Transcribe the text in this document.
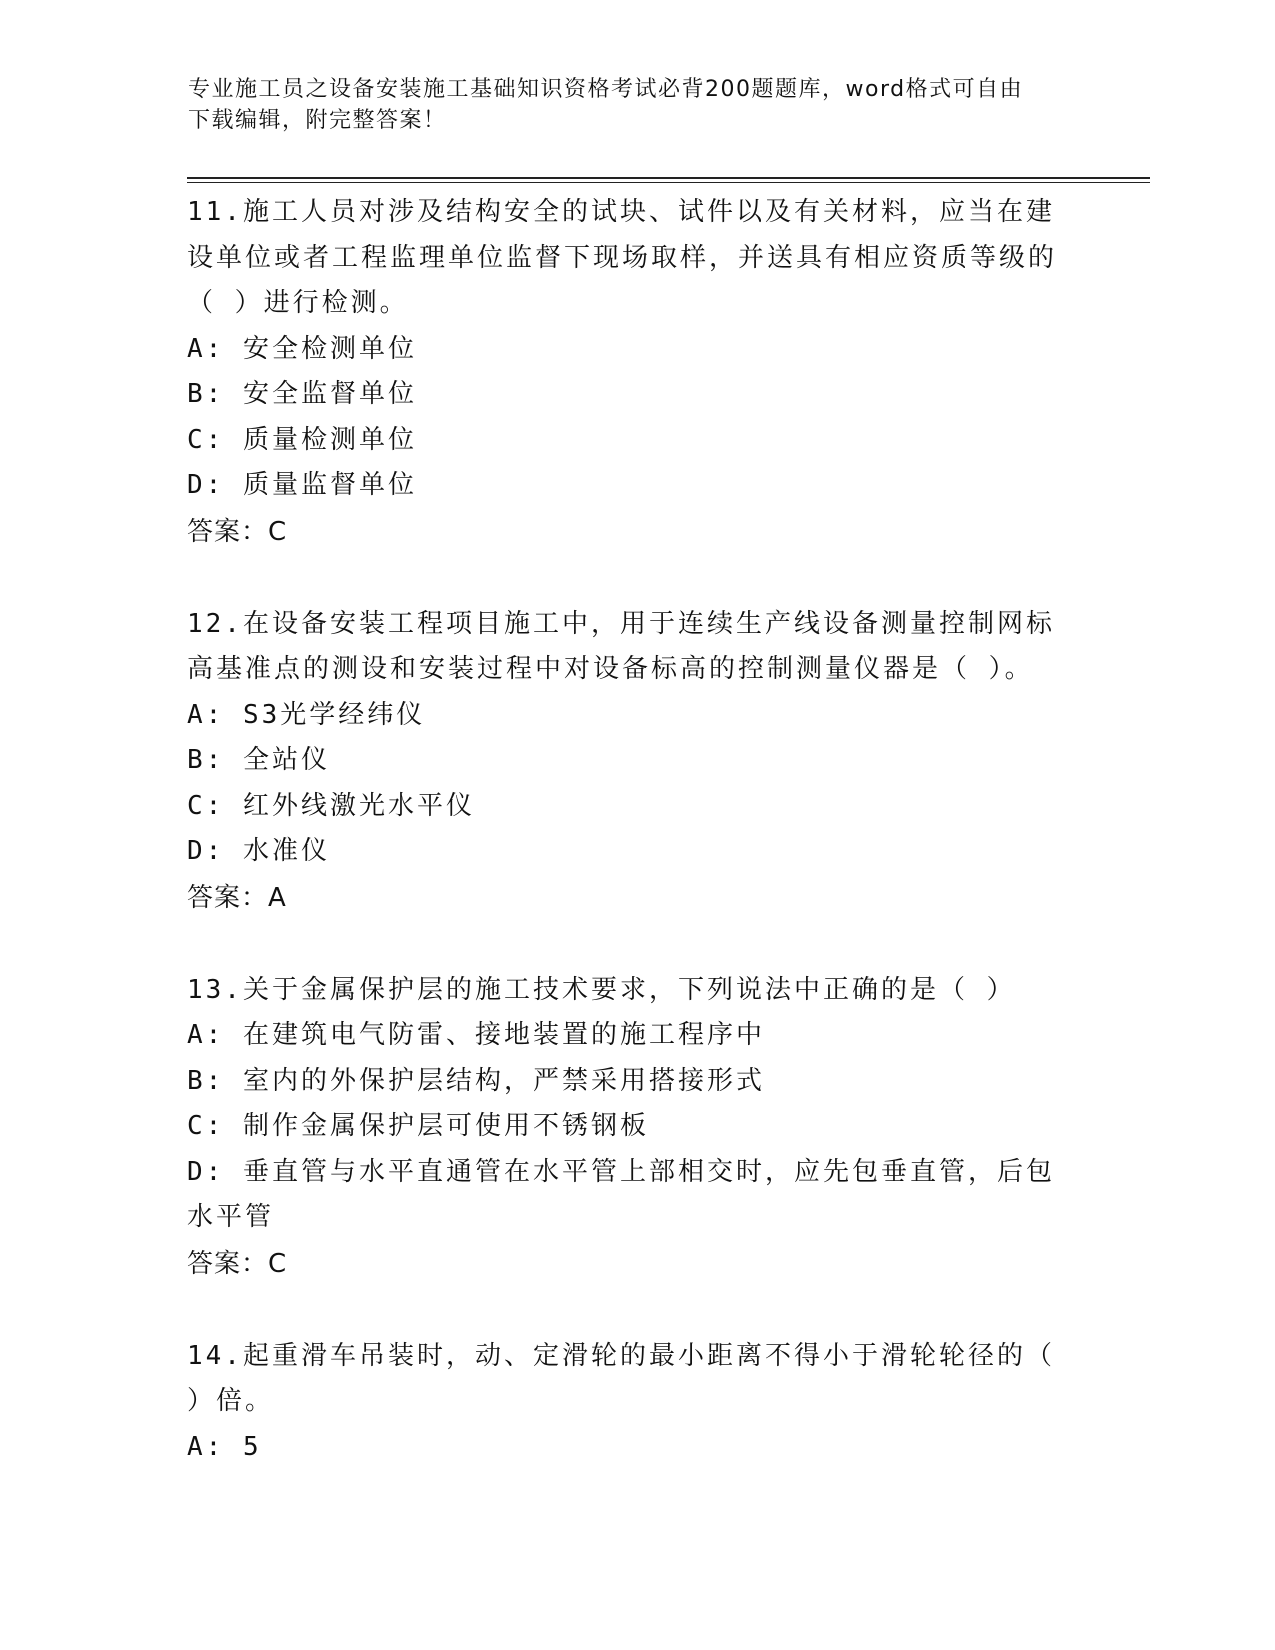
专业施工员之设备安装施工基础知识资格考试必背200题题库，word格式可自由
下载编辑，附完整答案！

11.施工人员对涉及结构安全的试块、试件以及有关材料，应当在建设单位或者工程监理单位监督下现场取样，并送具有相应资质等级的（ ）进行检测。

A: 安全检测单位

B: 安全监督单位

C: 质量检测单位

D: 质量监督单位

答案：C

12.在设备安装工程项目施工中，用于连续生产线设备测量控制网标高基准点的测设和安装过程中对设备标高的控制测量仪器是（ ）。

A: S3光学经纬仪

B: 全站仪

C: 红外线激光水平仪

D: 水准仪

答案：A

13.关于金属保护层的施工技术要求，下列说法中正确的是（ ）

A: 在建筑电气防雷、接地装置的施工程序中

B: 室内的外保护层结构，严禁采用搭接形式

C: 制作金属保护层可使用不锈钢板

D: 垂直管与水平直通管在水平管上部相交时，应先包垂直管，后包水平管

答案：C

14.起重滑车吊装时，动、定滑轮的最小距离不得小于滑轮轮径的（ ）倍。

A: 5
